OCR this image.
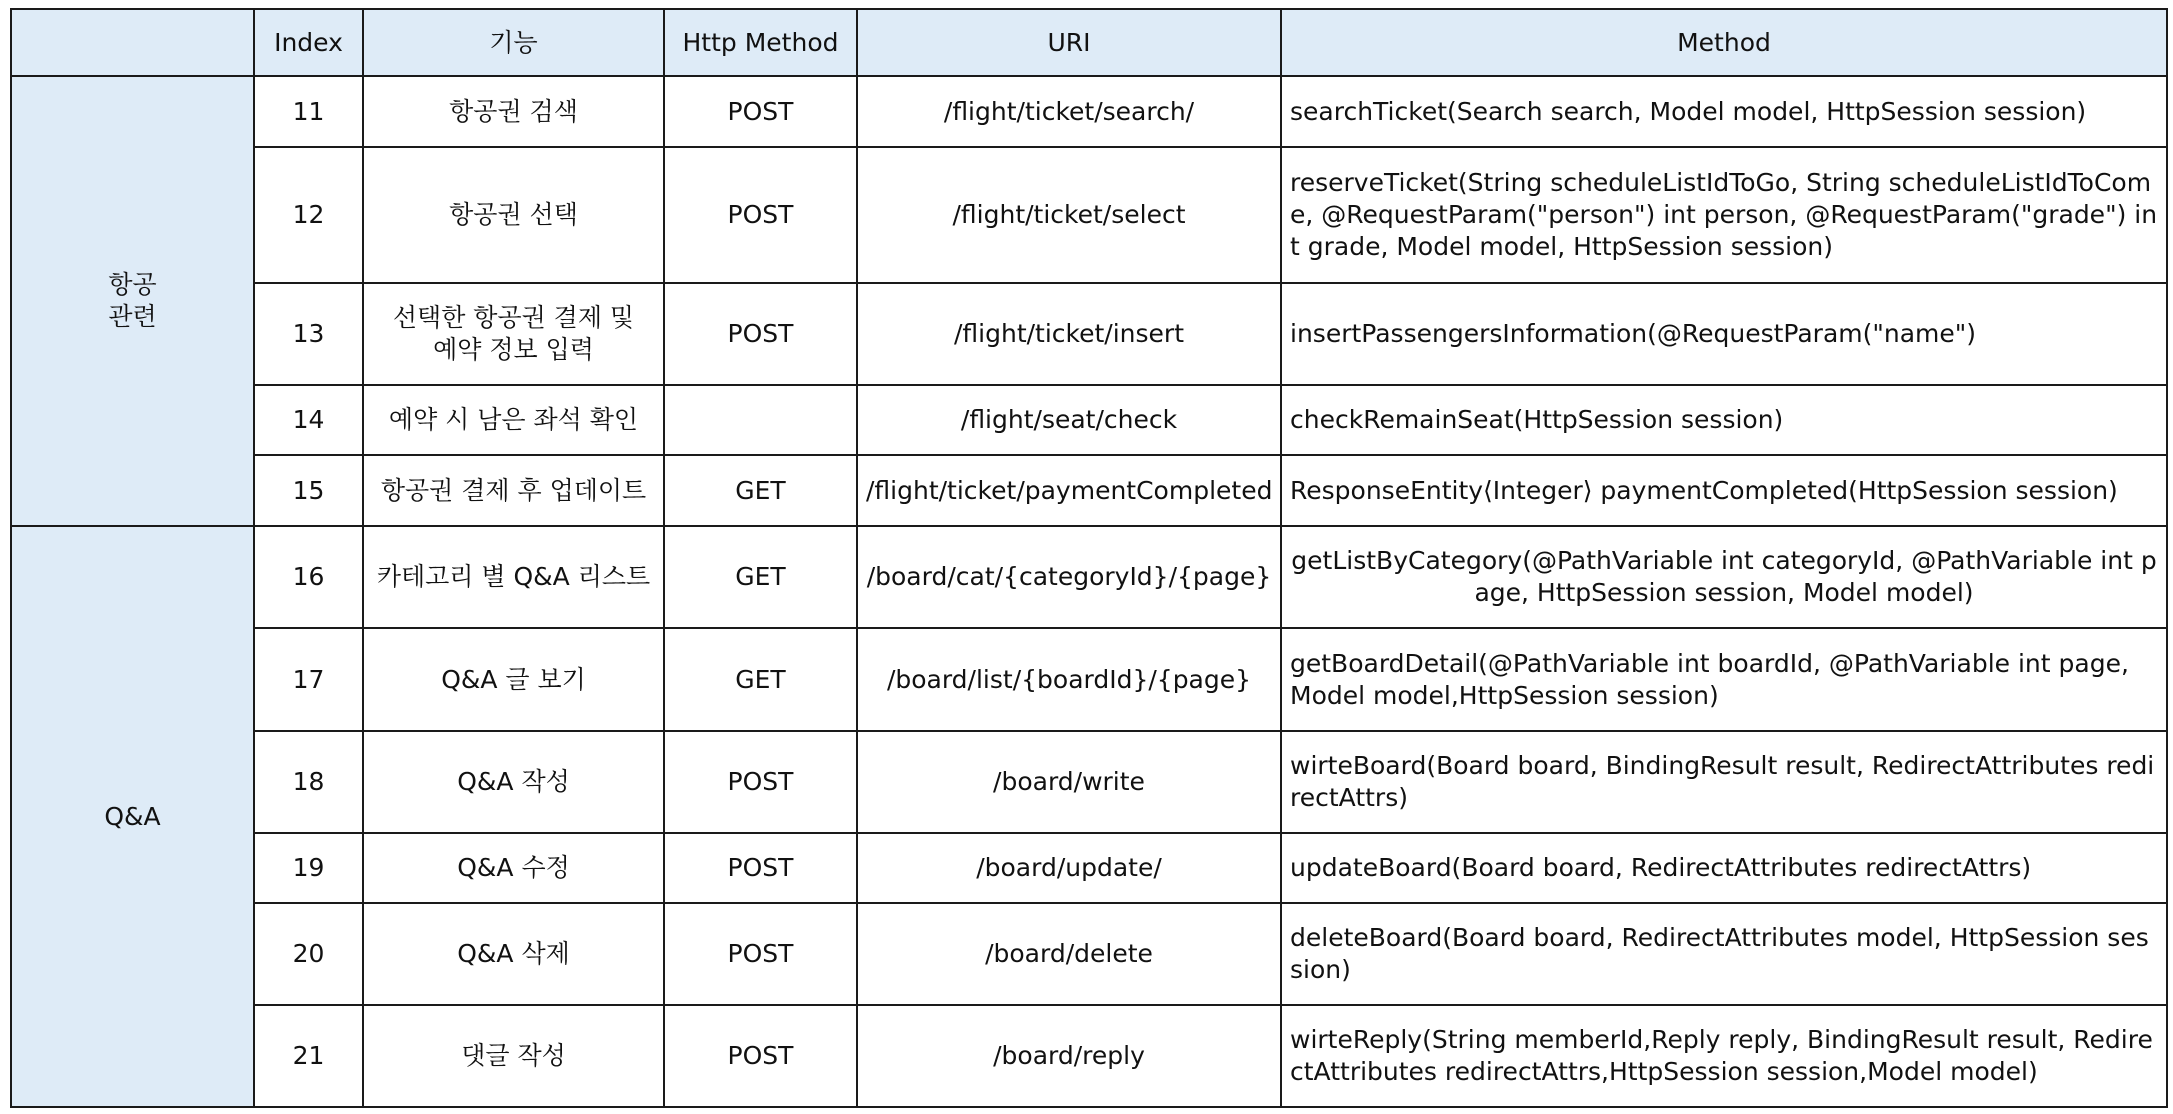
	Index	기능	Http Method	URI	Method

항공
관련	11	항공권 검색	POST	/flight/ticket/search/	searchTicket(Search search, Model model, HttpSession session)
	12	항공권 선택	POST	/flight/ticket/select	reserveTicket(String scheduleListIdToGo, String scheduleListIdToCome, @RequestParam("person") int person, @RequestParam("grade") int grade, Model model, HttpSession session)
	13	선택한 항공권 결제 및
예약 정보 입력	POST	/flight/ticket/insert	insertPassengersInformation(@RequestParam("name")
	14	예약 시 남은 좌석 확인		/flight/seat/check	checkRemainSeat(HttpSession session)
	15	항공권 결제 후 업데이트	GET	/flight/ticket/paymentCompleted	ResponseEntity⟨Integer⟩ paymentCompleted(HttpSession session)

Q&A	16	카테고리 별 Q&A 리스트	GET	/board/cat/{categoryId}/{page}	getListByCategory(@PathVariable int categoryId, @PathVariable int page, HttpSession session, Model model)
	17	Q&A 글 보기	GET	/board/list/{boardId}/{page}	getBoardDetail(@PathVariable int boardId, @PathVariable int page, Model model,HttpSession session)
	18	Q&A 작성	POST	/board/write	wirteBoard(Board board, BindingResult result, RedirectAttributes redirectAttrs)
	19	Q&A 수정	POST	/board/update/	updateBoard(Board board, RedirectAttributes redirectAttrs)
	20	Q&A 삭제	POST	/board/delete	deleteBoard(Board board, RedirectAttributes model, HttpSession session)
	21	댓글 작성	POST	/board/reply	wirteReply(String memberId,Reply reply, BindingResult result, RedirectAttributes redirectAttrs,HttpSession session,Model model)
